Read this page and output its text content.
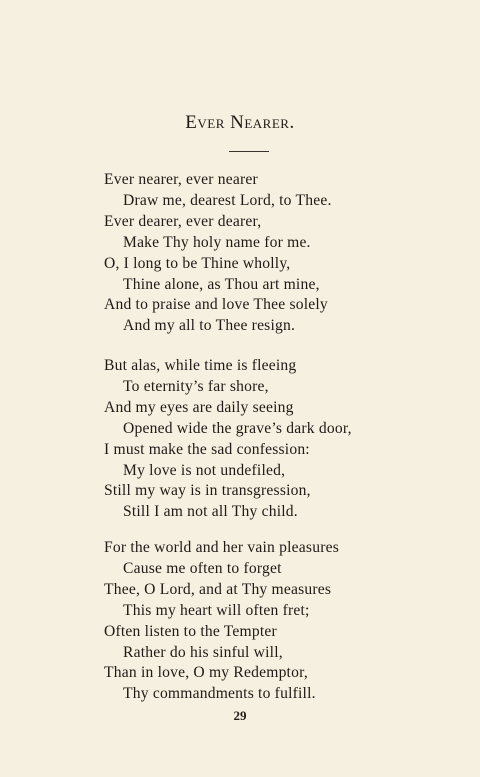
Ever Nearer.
Ever nearer, ever nearer
Draw me, dearest Lord, to Thee.
Ever dearer, ever dearer,
Make Thy holy name for me.
O, I long to be Thine wholly,
Thine alone, as Thou art mine,
And to praise and love Thee solely
And my all to Thee resign.
But alas, while time is fleeing
To eternity’s far shore,
And my eyes are daily seeing
Opened wide the grave’s dark door,
I must make the sad confession:
My love is not undefiled,
Still my way is in transgression,
Still I am not all Thy child.
For the world and her vain pleasures
Cause me often to forget
Thee, O Lord, and at Thy measures
This my heart will often fret;
Often listen to the Tempter
Rather do his sinful will,
Than in love, O my Redemptor,
Thy commandments to fulfill.
29
